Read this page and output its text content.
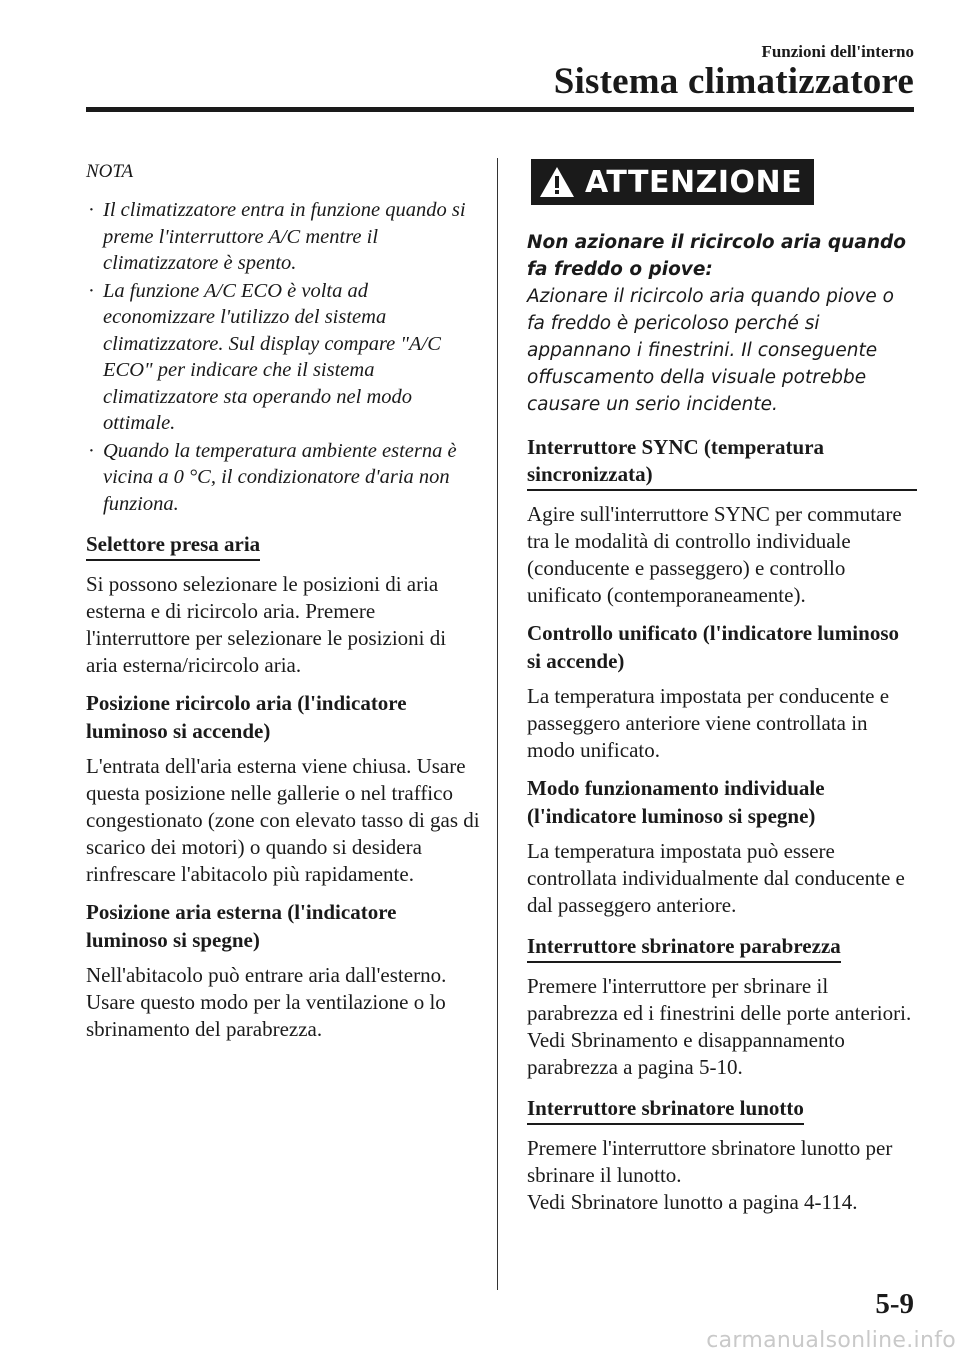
Funzioni dell'interno
Sistema climatizzatore
NOTA
· Il climatizzatore entra in funzione quando si preme l'interruttore A/C mentre il climatizzatore è spento.
· La funzione A/C ECO è volta ad economizzare l'utilizzo del sistema climatizzatore. Sul display compare "A/C ECO" per indicare che il sistema climatizzatore sta operando nel modo ottimale.
· Quando la temperatura ambiente esterna è vicina a 0 °C, il condizionatore d'aria non funziona.
Selettore presa aria

Si possono selezionare le posizioni di aria esterna e di ricircolo aria. Premere l'interruttore per selezionare le posizioni di aria esterna/ricircolo aria.

Posizione ricircolo aria (l'indicatore luminoso si accende)

L'entrata dell'aria esterna viene chiusa. Usare questa posizione nelle gallerie o nel traffico congestionato (zone con elevato tasso di gas di scarico dei motori) o quando si desidera rinfrescare l'abitacolo più rapidamente.

Posizione aria esterna (l'indicatore luminoso si spegne)

Nell'abitacolo può entrare aria dall'esterno. Usare questo modo per la ventilazione o lo sbrinamento del parabrezza.

ATTENZIONE
Non azionare il ricircolo aria quando fa freddo o piove:
Azionare il ricircolo aria quando piove o fa freddo è pericoloso perché si appannano i finestrini. Il conseguente offuscamento della visuale potrebbe causare un serio incidente.
Interruttore SYNC (temperatura sincronizzata)

Agire sull'interruttore SYNC per commutare tra le modalità di controllo individuale (conducente e passeggero) e controllo unificato (contemporaneamente).

Controllo unificato (l'indicatore luminoso si accende)

La temperatura impostata per conducente e passeggero anteriore viene controllata in modo unificato.

Modo funzionamento individuale (l'indicatore luminoso si spegne)

La temperatura impostata può essere controllata individualmente dal conducente e dal passeggero anteriore.

Interruttore sbrinatore parabrezza

Premere l'interruttore per sbrinare il parabrezza ed i finestrini delle porte anteriori.

Vedi Sbrinamento e disappannamento parabrezza a pagina 5-10.

Interruttore sbrinatore lunotto

Premere l'interruttore sbrinatore lunotto per sbrinare il lunotto.

Vedi Sbrinatore lunotto a pagina 4-114.

5-9
carmanualsonline.info
